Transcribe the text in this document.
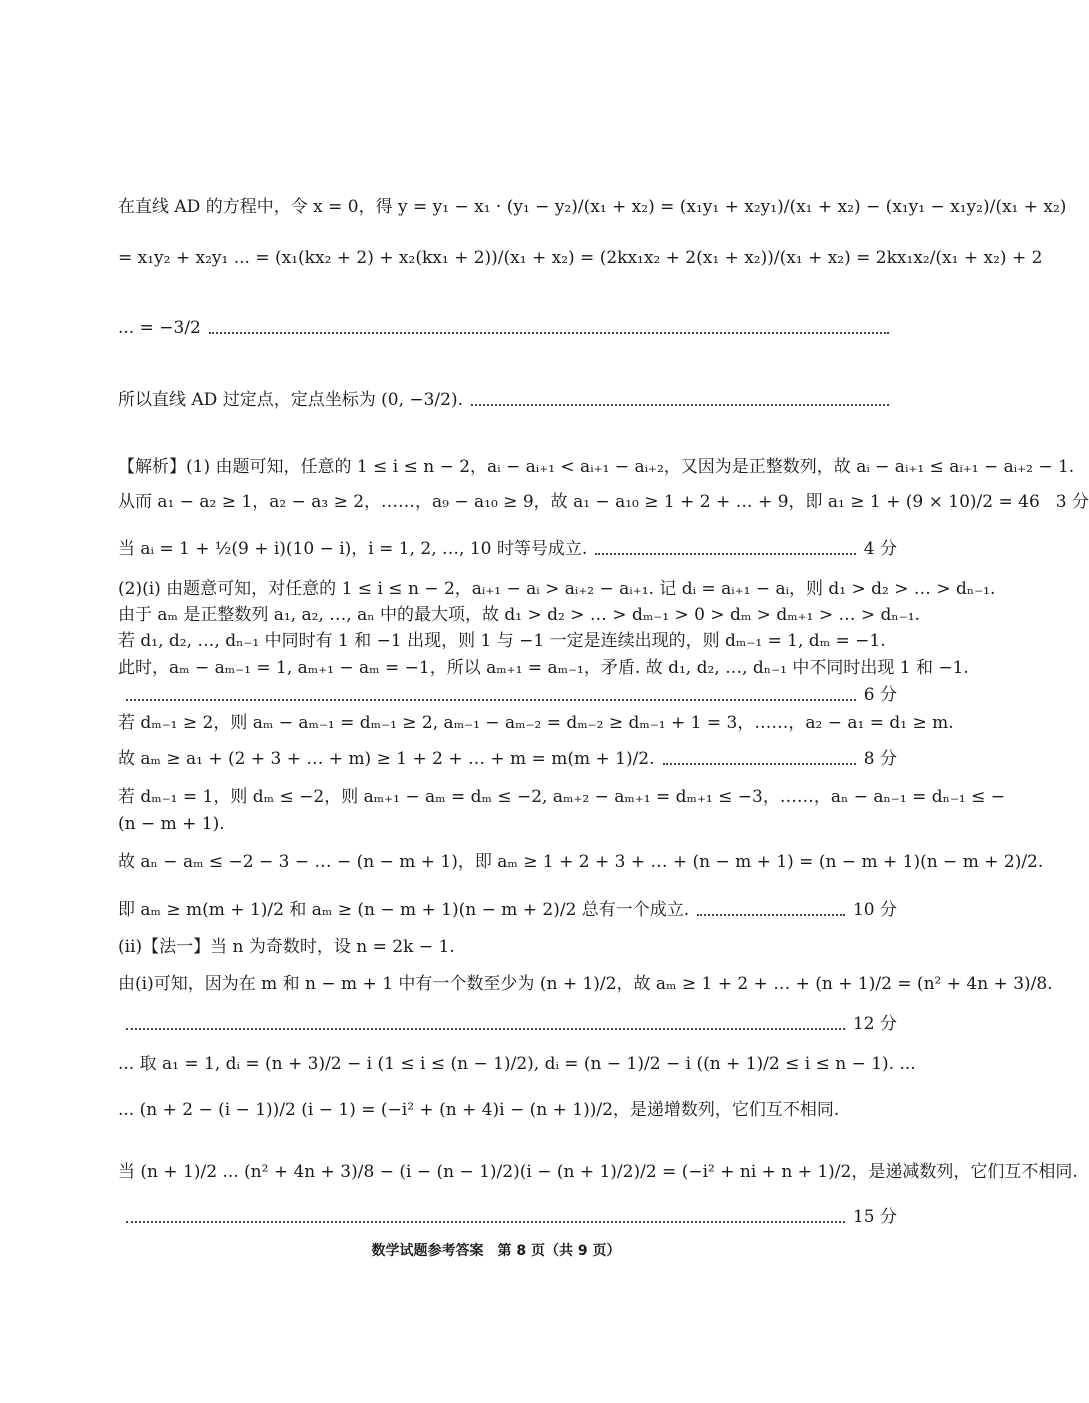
在直线 AD 的方程中，令 x = 0，得 y = y₁ − x₁ · (y₁ − y₂)/(x₁ + x₂) = (x₁y₁ + x₂y₁)/(x₁ + x₂) − (x₁y₁ − x₁y₂)/(x₁ + x₂)
= x₁y₂ + x₂y₁ ... = (x₁(kx₂ + 2) + x₂(kx₁ + 2))/(x₁ + x₂) = (2kx₁x₂ + 2(x₁ + x₂))/(x₁ + x₂) = 2kx₁x₂/(x₁ + x₂) + 2
... = −3/2
所以直线 AD 过定点，定点坐标为 (0, −3/2).
【解析】(1) 由题可知，任意的 1 ≤ i ≤ n − 2，aᵢ − aᵢ₊₁ < aᵢ₊₁ − aᵢ₊₂，又因为是正整数列，故 aᵢ − aᵢ₊₁ ≤ aᵢ₊₁ − aᵢ₊₂ − 1.
从而 a₁ − a₂ ≥ 1，a₂ − a₃ ≥ 2，……，a₉ − a₁₀ ≥ 9，故 a₁ − a₁₀ ≥ 1 + 2 + … + 9，即 a₁ ≥ 1 + (9 × 10)/2 = 46 3 分
当 aᵢ = 1 + ½(9 + i)(10 − i)，i = 1, 2, …, 10 时等号成立.	4 分
(2)(ⅰ) 由题意可知，对任意的 1 ≤ i ≤ n − 2，aᵢ₊₁ − aᵢ > aᵢ₊₂ − aᵢ₊₁. 记 dᵢ = aᵢ₊₁ − aᵢ，则 d₁ > d₂ > … > dₙ₋₁.
由于 aₘ 是正整数列 a₁, a₂, …, aₙ 中的最大项，故 d₁ > d₂ > … > dₘ₋₁ > 0 > dₘ > dₘ₊₁ > … > dₙ₋₁.
若 d₁, d₂, …, dₙ₋₁ 中同时有 1 和 −1 出现，则 1 与 −1 一定是连续出现的，则 dₘ₋₁ = 1, dₘ = −1.
此时，aₘ − aₘ₋₁ = 1, aₘ₊₁ − aₘ = −1，所以 aₘ₊₁ = aₘ₋₁，矛盾. 故 d₁, d₂, …, dₙ₋₁ 中不同时出现 1 和 −1.
6 分
若 dₘ₋₁ ≥ 2，则 aₘ − aₘ₋₁ = dₘ₋₁ ≥ 2, aₘ₋₁ − aₘ₋₂ = dₘ₋₂ ≥ dₘ₋₁ + 1 = 3，……，a₂ − a₁ = d₁ ≥ m.
故 aₘ ≥ a₁ + (2 + 3 + … + m) ≥ 1 + 2 + … + m = m(m + 1)/2.	8 分
若 dₘ₋₁ = 1，则 dₘ ≤ −2，则 aₘ₊₁ − aₘ = dₘ ≤ −2, aₘ₊₂ − aₘ₊₁ = dₘ₊₁ ≤ −3，……，aₙ − aₙ₋₁ = dₙ₋₁ ≤ −
(n − m + 1).
故 aₙ − aₘ ≤ −2 − 3 − … − (n − m + 1)，即 aₘ ≥ 1 + 2 + 3 + … + (n − m + 1) = (n − m + 1)(n − m + 2)/2.
即 aₘ ≥ m(m + 1)/2 和 aₘ ≥ (n − m + 1)(n − m + 2)/2 总有一个成立.	10 分
(ⅱ)【法一】当 n 为奇数时，设 n = 2k − 1.
由(ⅰ)可知，因为在 m 和 n − m + 1 中有一个数至少为 (n + 1)/2，故 aₘ ≥ 1 + 2 + … + (n + 1)/2 = (n² + 4n + 3)/8.
12 分
... 取 a₁ = 1, dᵢ = (n + 3)/2 − i (1 ≤ i ≤ (n − 1)/2), dᵢ = (n − 1)/2 − i ((n + 1)/2 ≤ i ≤ n − 1). ...
... (n + 2 − (i − 1))/2 (i − 1) = (−i² + (n + 4)i − (n + 1))/2，是递增数列，它们互不相同.
当 (n + 1)/2 ... (n² + 4n + 3)/8 − (i − (n − 1)/2)(i − (n + 1)/2)/2 = (−i² + ni + n + 1)/2，是递减数列，它们互不相同.
15 分
数学试题参考答案　第 8 页（共 9 页）
